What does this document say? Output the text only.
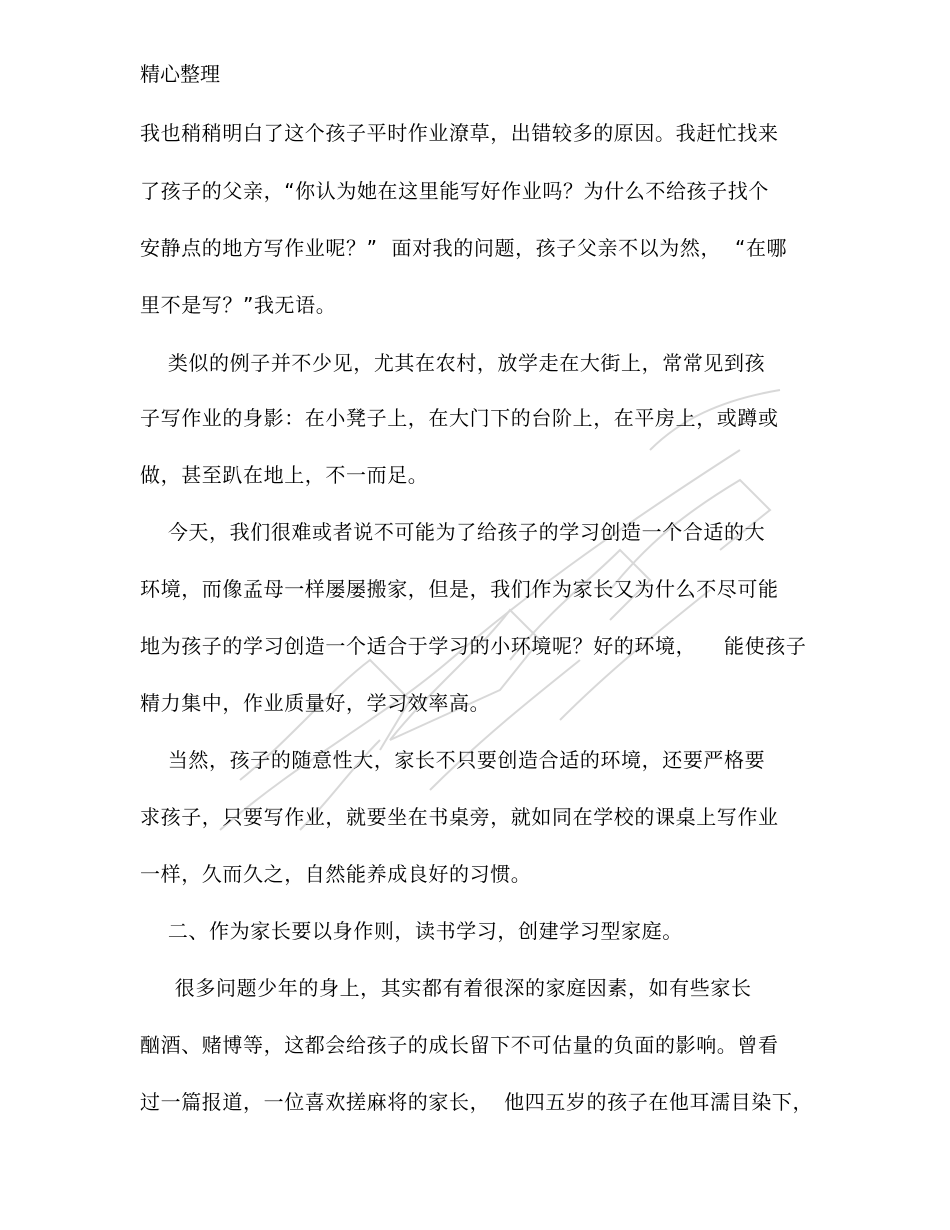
精心整理
我也稍稍明白了这个孩子平时作业潦草，出错较多的原因。我赶忙找来
了孩子的父亲，“你认为她在这里能写好作业吗？为什么不给孩子找个
安静点的地方写作业呢？”  面对我的问题，孩子父亲不以为然，  “在哪
里不是写？”我无语。
类似的例子并不少见，尤其在农村，放学走在大街上，常常见到孩
子写作业的身影：在小凳子上，在大门下的台阶上，在平房上，或蹲或
做，甚至趴在地上，不一而足。
今天，我们很难或者说不可能为了给孩子的学习创造一个合适的大
环境，而像孟母一样屡屡搬家，但是，我们作为家长又为什么不尽可能
地为孩子的学习创造一个适合于学习的小环境呢？好的环境，    能使孩子
精力集中，作业质量好，学习效率高。
当然，孩子的随意性大，家长不只要创造合适的环境，还要严格要
求孩子，只要写作业，就要坐在书桌旁，就如同在学校的课桌上写作业
一样，久而久之，自然能养成良好的习惯。
二、作为家长要以身作则，读书学习，创建学习型家庭。
很多问题少年的身上，其实都有着很深的家庭因素，如有些家长
酗酒、赌博等，这都会给孩子的成长留下不可估量的负面的影响。曾看
过一篇报道，一位喜欢搓麻将的家长，  他四五岁的孩子在他耳濡目染下，
